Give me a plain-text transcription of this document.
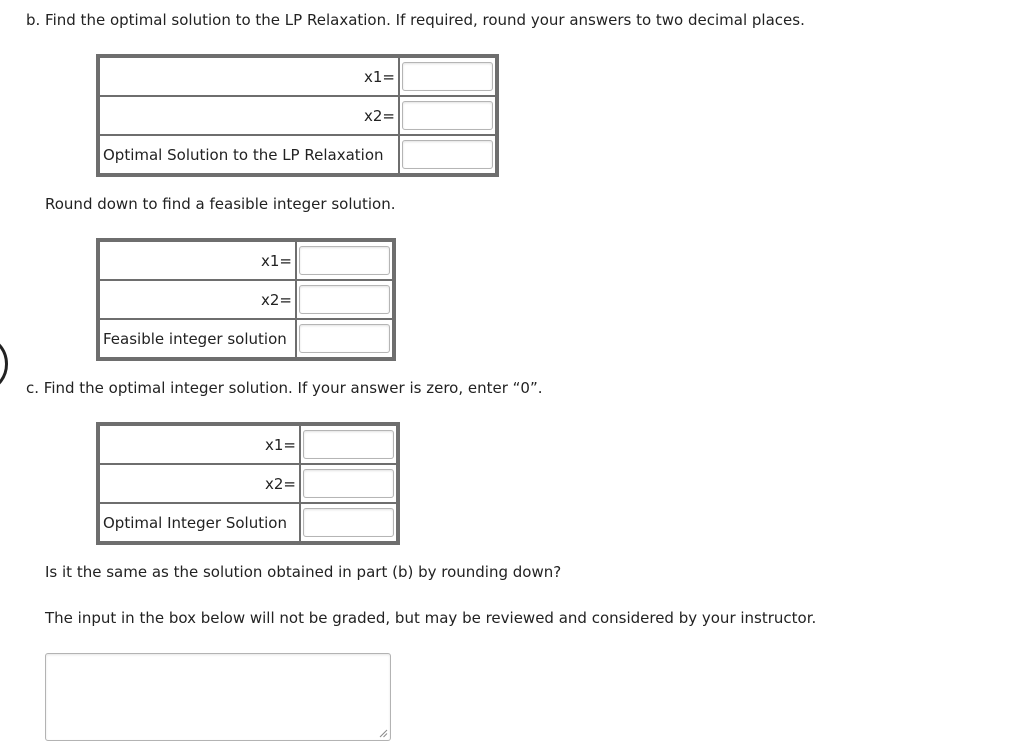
b. Find the optimal solution to the LP Relaxation. If required, round your answers to two decimal places.

x1=	

x2=	

Optimal Solution to the LP Relaxation	

Round down to find a feasible integer solution.

x1=	

x2=	

Feasible integer solution	

c. Find the optimal integer solution. If your answer is zero, enter “0”.

x1=	

x2=	

Optimal Integer Solution	

Is it the same as the solution obtained in part (b) by rounding down?

The input in the box below will not be graded, but may be reviewed and considered by your instructor.
